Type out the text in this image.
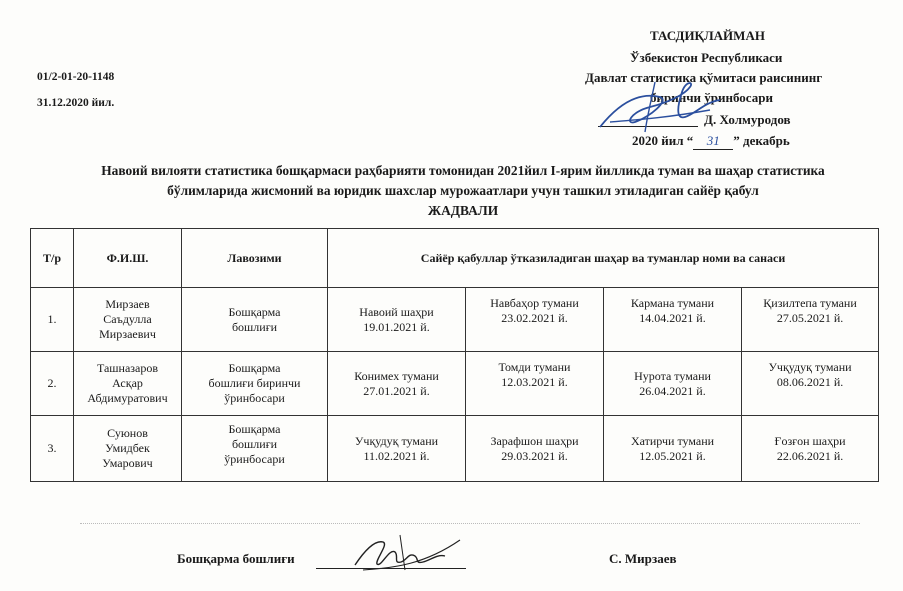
01/2-01-20-1148
31.12.2020 йил.
ТАСДИҚЛАЙМАН
Ўзбекистон Республикаси
Давлат статистика қўмитаси раисининг
биринчи ўринбосари
Д. Холмуродов
2020 йил “ 31 ” декабрь
Навоий вилояти статистика бошқармаси раҳбарияти томонидан 2021йил I-ярим йилликда туман ва шаҳар статистика
бўлимларида жисмоний ва юридик шахслар мурожаатлари учун ташкил этиладиган сайёр қабул
ЖАДВАЛИ
Т/р	Ф.И.Ш.	Лавозими	Сайёр қабуллар ўтказиладиган шаҳар ва туманлар номи ва санаси			
1.	Мирзаев
Саъдулла
Мирзаевич	Бошқарма
бошлиғи	Навоий шаҳри
19.01.2021 й.	Навбаҳор тумани
23.02.2021 й.	Кармана тумани
14.04.2021 й.	Қизилтепа тумани
27.05.2021 й.

2.	Ташназаров
Асқар
Абдимуратович	Бошқарма
бошлиғи биринчи
ўринбосари	Конимех тумани
27.01.2021 й.	Томди тумани
12.03.2021 й.	Нурота тумани
26.04.2021 й.	Учқудуқ тумани
08.06.2021 й.

3.	Суюнов
Умидбек
Умарович	Бошқарма
бошлиғи
ўринбосари	Учқудуқ тумани
11.02.2021 й.	Зарафшон шаҳри
29.03.2021 й.	Хатирчи тумани
12.05.2021 й.	Ғозғон шаҳри
22.06.2021 й.
Бошқарма бошлиғи	С. Мирзаев
